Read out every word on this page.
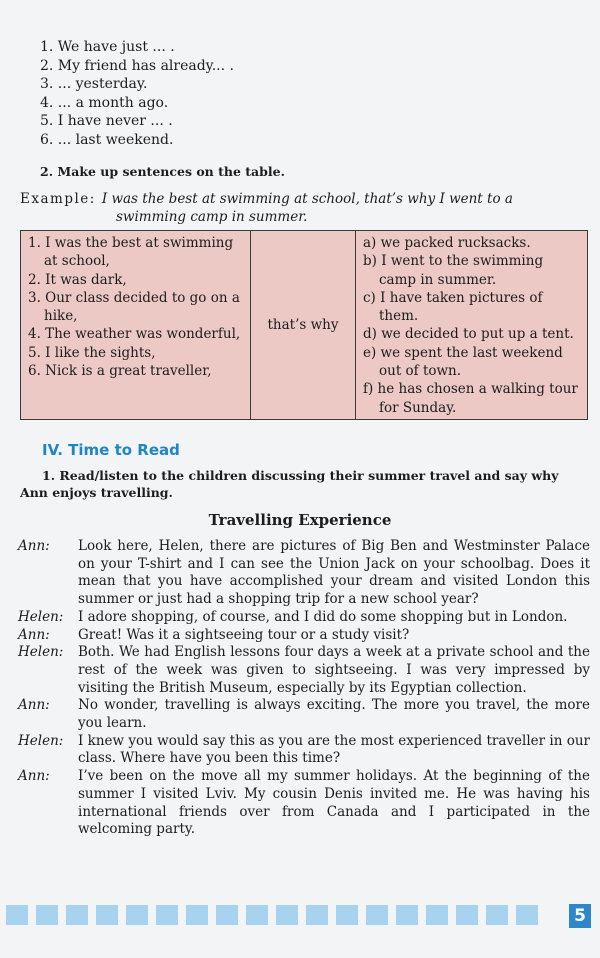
1. We have just ... .
2. My friend has already... .
3. ... yesterday.
4. ... a month ago.
5. I have never ... .
6. ... last weekend.
2. Make up sentences on the table.
Example: I was the best at swimming at school, that’s why I went to a
swimming camp in summer.
1. I was the best at swimming at school,
2. It was dark,
3. Our class decided to go on a hike,
4. The weather was wonderful,
5. I like the sights,
6. Nick is a great traveller,
	that’s why	
a) we packed rucksacks.
b) I went to the swimming camp in summer.
c) I have taken pictures of them.
d) we decided to put up a tent.
e) we spent the last weekend out of town.
f) he has chosen a walking tour for Sunday.
IV. Time to Read
1. Read/listen to the children discussing their summer travel and say why Ann enjoys travelling.
Travelling Experience
Ann:	Look here, Helen, there are pictures of Big Ben and Westminster Palace on your T-shirt and I can see the Union Jack on your schoolbag. Does it mean that you have accomplished your dream and visited London this summer or just had a shopping trip for a new school year?
Helen:	I adore shopping, of course, and I did do some shopping but in London.
Ann:	Great! Was it a sightseeing tour or a study visit?
Helen:	Both. We had English lessons four days a week at a private school and the rest of the week was given to sightseeing. I was very impressed by visiting the British Museum, especially by its Egyptian collection.
Ann:	No wonder, travelling is always exciting. The more you travel, the more you learn.
Helen:	I knew you would say this as you are the most experienced traveller in our class. Where have you been this time?
Ann:	I’ve been on the move all my summer holidays. At the beginning of the summer I visited Lviv. My cousin Denis invited me. He was having his international friends over from Canada and I participated in the welcoming party.
5
